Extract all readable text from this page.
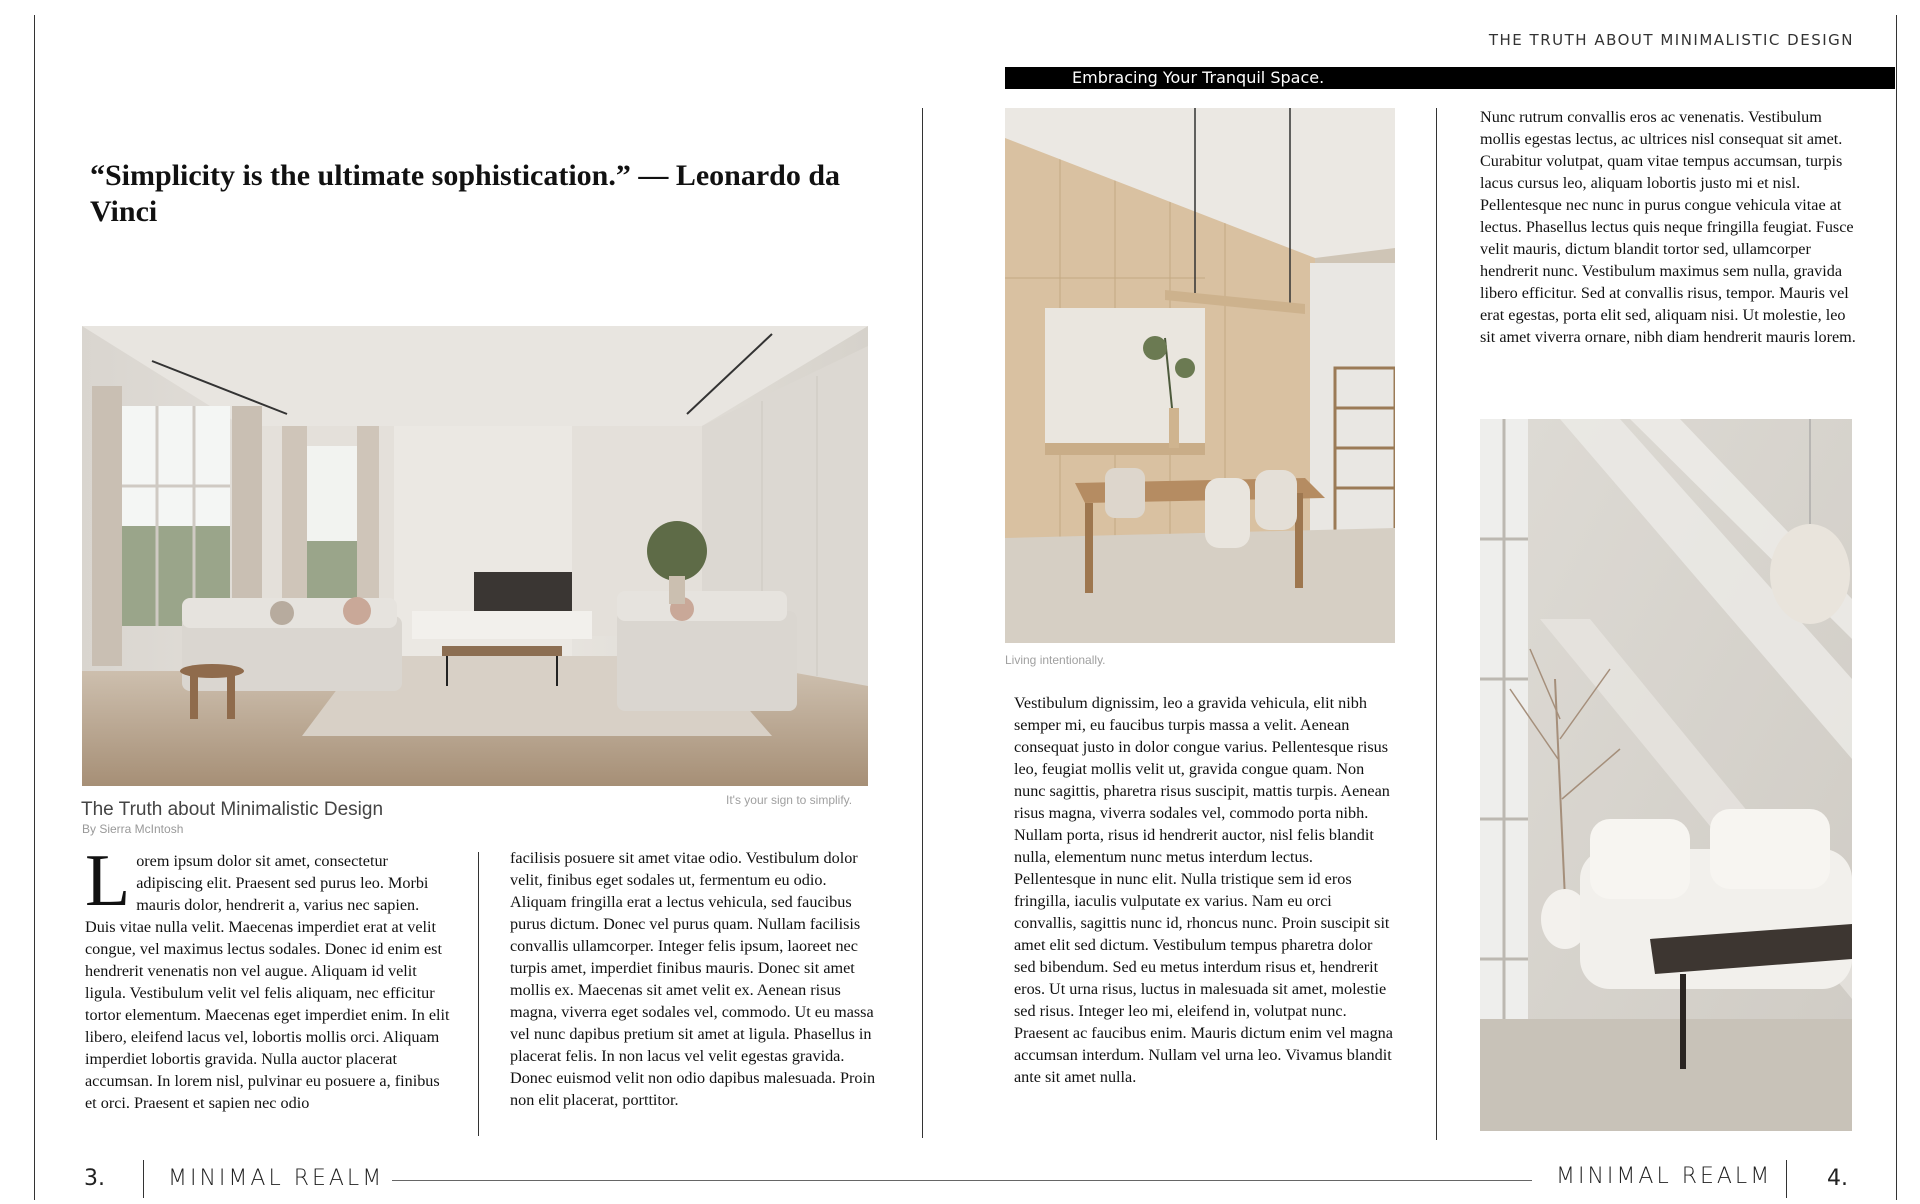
THE TRUTH ABOUT MINIMALISTIC DESIGN
Embracing Your Tranquil Space.
“Simplicity is the ultimate sophistication.” — Leonardo da Vinci
It's your sign to simplify.
The Truth about Minimalistic Design
By Sierra McIntosh
Lorem ipsum dolor sit amet, consectetur adipiscing elit. Praesent sed purus leo. Morbi mauris dolor, hendrerit a, varius nec sapien. Duis vitae nulla velit. Maecenas imperdiet erat at velit congue, vel maximus lectus sodales. Donec id enim est hendrerit venenatis non vel augue. Aliquam id velit ligula. Vestibulum velit vel felis aliquam, nec efficitur tortor elementum. Maecenas eget imperdiet enim. In elit libero, eleifend lacus vel, lobortis mollis orci. Aliquam imperdiet lobortis gravida. Nulla auctor placerat accumsan. In lorem nisl, pulvinar eu posuere a, finibus et orci. Praesent et sapien nec odio
facilisis posuere sit amet vitae odio. Vestibulum dolor velit, finibus eget sodales ut, fermentum eu odio. Aliquam fringilla erat a lectus vehicula, sed faucibus purus dictum. Donec vel purus quam. Nullam facilisis convallis ullamcorper. Integer felis ipsum, laoreet nec turpis amet, imperdiet finibus mauris. Donec sit amet mollis ex. Maecenas sit amet velit ex. Aenean risus magna, viverra eget sodales vel, commodo. Ut eu massa vel nunc dapibus pretium sit amet at ligula. Phasellus in placerat felis. In non lacus vel velit egestas gravida. Donec euismod velit non odio dapibus malesuada. Proin non elit placerat, porttitor.
Living intentionally.
Vestibulum dignissim, leo a gravida vehicula, elit nibh semper mi, eu faucibus turpis massa a velit. Aenean consequat justo in dolor congue varius. Pellentesque risus leo, feugiat mollis velit ut, gravida congue quam. Non nunc sagittis, pharetra risus suscipit, mattis turpis. Aenean risus magna, viverra sodales vel, commodo porta nibh. Nullam porta, risus id hendrerit auctor, nisl felis blandit nulla, elementum nunc metus interdum lectus. Pellentesque in nunc elit. Nulla tristique sem id eros fringilla, iaculis vulputate ex varius. Nam eu orci convallis, sagittis nunc id, rhoncus nunc. Proin suscipit sit amet elit sed dictum. Vestibulum tempus pharetra dolor sed bibendum. Sed eu metus interdum risus et, hendrerit eros. Ut urna risus, luctus in malesuada sit amet, molestie sed risus. Integer leo mi, eleifend in, volutpat nunc. Praesent ac faucibus enim. Mauris dictum enim vel magna accumsan interdum. Nullam vel urna leo. Vivamus blandit ante sit amet nulla.
Nunc rutrum convallis eros ac venenatis. Vestibulum mollis egestas lectus, ac ultrices nisl consequat sit amet. Curabitur volutpat, quam vitae tempus accumsan, turpis lacus cursus leo, aliquam lobortis justo mi et nisl. Pellentesque nec nunc in purus congue vehicula vitae at lectus. Phasellus lectus quis neque fringilla feugiat. Fusce velit mauris, dictum blandit tortor sed, ullamcorper hendrerit nunc. Vestibulum maximus sem nulla, gravida libero efficitur. Sed at convallis risus, tempor. Mauris vel erat egestas, porta elit sed, aliquam nisi. Ut molestie, leo sit amet viverra ornare, nibh diam hendrerit mauris lorem.
3.	MINIMAL REALM	MINIMAL REALM 4.
